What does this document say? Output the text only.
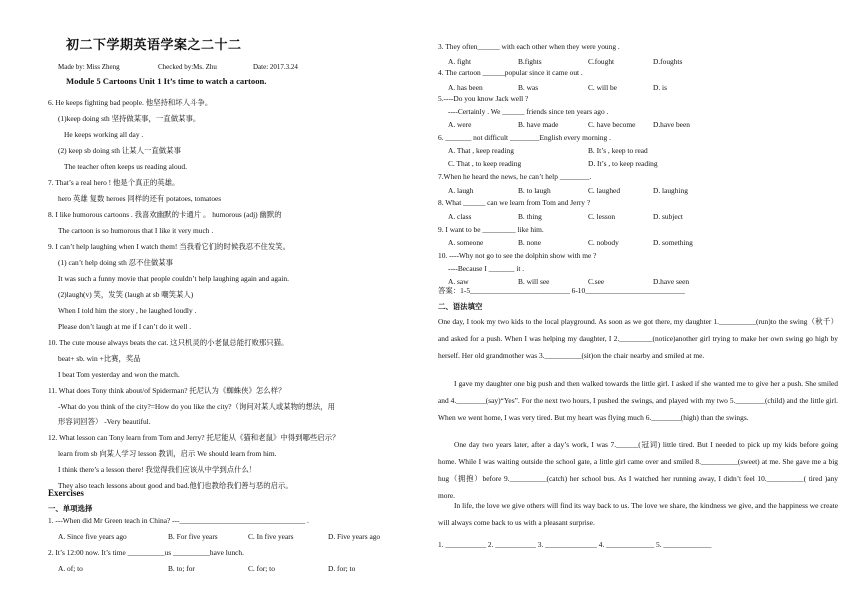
初二下学期英语学案之二十二
Made by: Miss Zheng	Checked by:Ms. Zhu	Date: 2017.3.24
Module 5 Cartoons Unit 1 It’s time to watch a cartoon.
6. He keeps fighting bad people. 他坚持和坏人斗争。
(1)keep doing sth 坚持做某事，一直做某事。
He keeps working all day .
(2) keep sb doing sth 让某人一直做某事
The teacher often keeps us reading aloud.
7. That’s a real hero ! 他是个真正的英雄。
hero 英雄 复数 heroes 同样的还有 potatoes, tomatoes
8. I like humorous cartoons . 我喜欢幽默的卡通片 。 humorous (adj) 幽默的
The cartoon is so humorous that I like it very much .
9. I can’t help laughing when I watch them! 当我看它们的时候我忍不住发笑。
(1) can’t help doing sth 忍不住做某事
It was such a funny movie that people couldn’t help laughing again and again.
(2)laugh(v) 笑，发笑 (laugh at sb 嘲笑某人)
When I told him the story , he laughed loudly .
Please don’t laugh at me if I can’t do it well .
10. The cute mouse always beats the cat. 这只机灵的小老鼠总能打败那只猫。
beat+ sb. win +比赛，奖品
I beat Tom yesterday and won the match.
11. What does Tony think about/of Spiderman? 托尼认为《蜘蛛侠》怎么样？
-What do you think of the city?=How do you like the city?（询问对某人或某物的想法，用
形容词回答） -Very beautiful.
12. What lesson can Tony learn from Tom and Jerry? 托尼能从《猫和老鼠》中得到哪些启示？
learn from sb 向某人学习 lesson 教训，启示 We should learn from him.
I think there’s a lesson there! 我觉得我们应该从中学到点什么！
They also teach lessons about good and bad.他们也教给我们善与恶的启示。
Exercises
一、单项选择
1. ---When did Mr Green teach in China? ---__________________________________ .
A. Since five years ago	B. For five years	C. In five years	D. Five years ago
2. It’s 12:00 now. It’s time __________us __________have lunch.
A. of; to	B. to; for	C. for; to	D. for; to
3. They often______ with each other when they were young .
A. fight	B.fights	C.fought	D.foughts
4. The cartoon ______popular since it came out .
A. has been	B. was	C. will be	D. is
5.----Do you know Jack well ?
----Certainly . We ______ friends since ten years ago .
A. were	B. have made	C. have become D.have been
6. _______ not difficult ________English every morning .
A. That , keep reading	B. It’s , keep to read
C. That , to keep reading	D. It’s , to keep reading
7.When he heard the news, he can’t help ________.
A. laugh	B. to laugh	C. laughed	D. laughing
8. What ______ can we learn from Tom and Jerry ?
A. class	B. thing	C. lesson	D. subject
9. I want to be _________ like him.
A. someone	B. none	C. nobody	D. something
10. ----Why not go to see the dolphin show with me ?
----Because I _______ it .
A. saw	B. will see	C.see	D.have seen
答案：1-5___________________________ 6-10___________________________
二、语法填空
One day, I took my two kids to the local playground. As soon as we got there, my daughter 1.__________(run)to the swing（秋千）and asked for a push. When I was helping my daughter, I 2._________(notice)another girl trying to make her own swing go high by herself. Her old grandmother was 3.__________(sit)on the chair nearby and smiled at me.
I gave my daughter one big push and then walked towards the little girl. I asked if she wanted me to give her a push. She smiled and 4.________(say)“Yes”. For the next two hours, I pushed the swings, and played with my two 5.________(child) and the little girl. When we went home, I was very tired. But my heart was flying much 6.________(high) than the swings.
One day two years later, after a day’s work, I was 7.______(冠词) little tired. But I needed to pick up my kids before going home. While I was waiting outside the school gate, a little girl came over and smiled 8.__________(sweet) at me. She gave me a big hug（拥抱）before 9.__________(catch) her school bus. As I watched her running away, I didn’t feel 10.__________( tired )any more.
In life, the love we give others will find its way back to us. The love we share, the kindness we give, and the happiness we create will always come back to us with a pleasant surprise.
1. ___________ 2. ___________ 3. ______________ 4. _____________ 5. _____________
